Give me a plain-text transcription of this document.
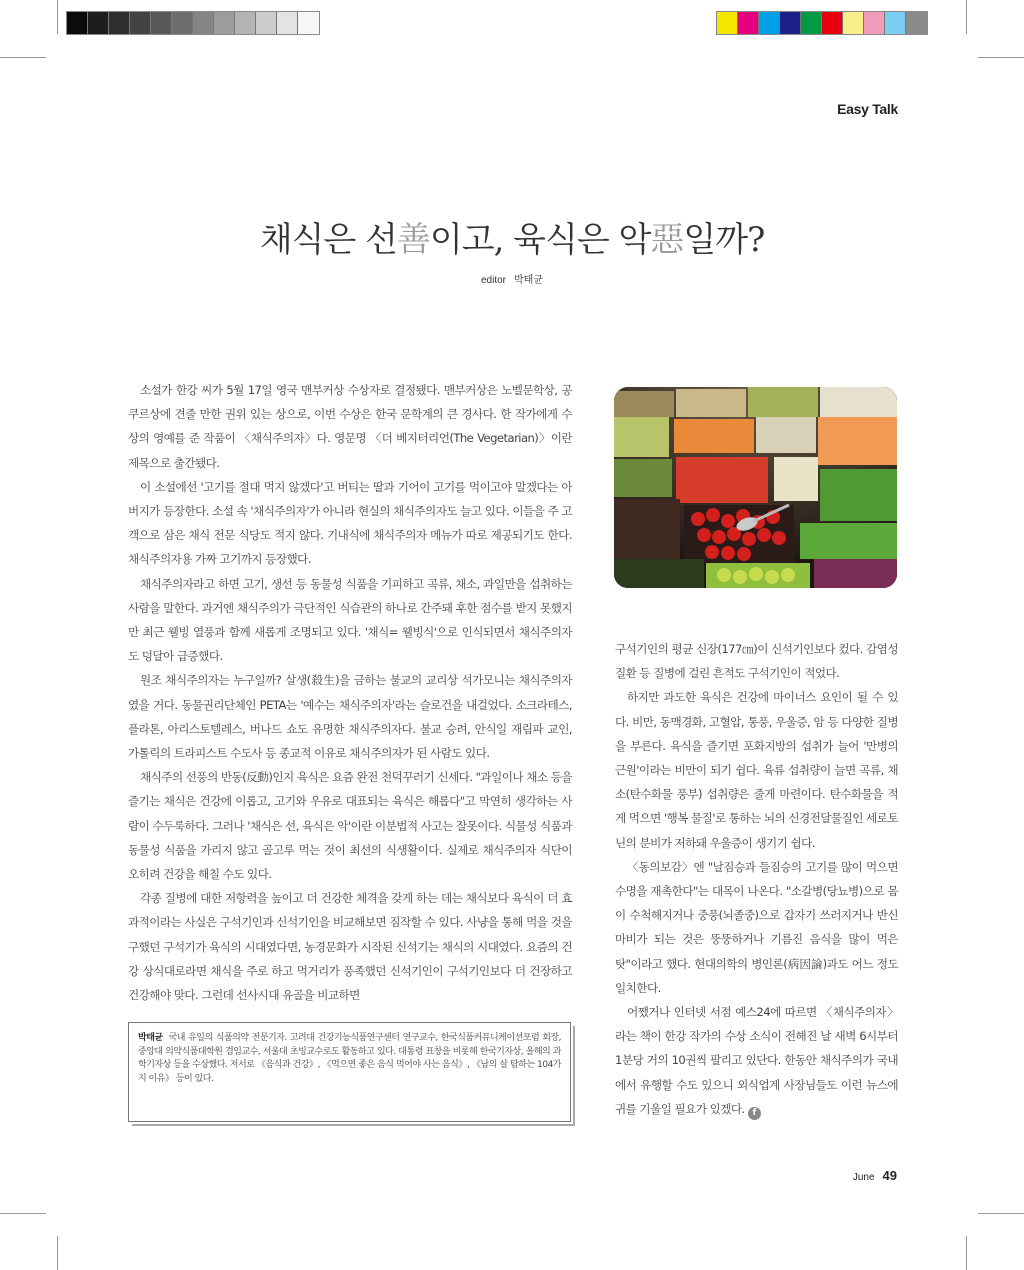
Easy Talk
채식은 선善이고, 육식은 악惡일까?
editor 박태균

소설가 한강 씨가 5월 17일 영국 맨부커상 수상자로 결정됐다. 맨부커상은 노벨문학상, 공쿠르상에 견줄 만한 권위 있는 상으로, 이번 수상은 한국 문학계의 큰 경사다. 한 작가에게 수상의 영예를 준 작품이 〈채식주의자〉다. 영문명 〈더 베지터리언(The Vegetarian)〉이란 제목으로 출간됐다.

이 소설에선 '고기를 절대 먹지 않겠다'고 버티는 딸과 기어이 고기를 먹이고야 말겠다는 아버지가 등장한다. 소설 속 '채식주의자'가 아니라 현실의 채식주의자도 늘고 있다. 이들을 주 고객으로 삼은 채식 전문 식당도 적지 않다. 기내식에 채식주의자 메뉴가 따로 제공되기도 한다. 채식주의자용 가짜 고기까지 등장했다.

채식주의자라고 하면 고기, 생선 등 동물성 식품을 기피하고 곡류, 채소, 과일만을 섭취하는 사람을 말한다. 과거엔 채식주의가 극단적인 식습관의 하나로 간주돼 후한 점수를 받지 못했지만 최근 웰빙 열풍과 함께 새롭게 조명되고 있다. '채식= 웰빙식'으로 인식되면서 채식주의자도 덩달아 급증했다.

원조 채식주의자는 누구일까? 살생(殺生)을 금하는 불교의 교리상 석가모니는 채식주의자였을 거다. 동물권리단체인 PETA는 '예수는 채식주의자'라는 슬로건을 내걸었다. 소크라테스, 플라톤, 아리스토텔레스, 버나드 쇼도 유명한 채식주의자다. 불교 승려, 안식일 재림파 교인, 가톨릭의 트라피스트 수도사 등 종교적 이유로 채식주의자가 된 사람도 있다.

채식주의 선풍의 반동(反動)인지 육식은 요즘 완전 천덕꾸러기 신세다. "과일이나 채소 등을 즐기는 채식은 건강에 이롭고, 고기와 우유로 대표되는 육식은 해롭다"고 막연히 생각하는 사람이 수두룩하다. 그러나 '채식은 선, 육식은 악'이란 이분법적 사고는 잘못이다. 식물성 식품과 동물성 식품을 가리지 않고 골고루 먹는 것이 최선의 식생활이다. 실제로 채식주의자 식단이 오히려 건강을 해칠 수도 있다.

각종 질병에 대한 저항력을 높이고 더 건강한 체격을 갖게 하는 데는 채식보다 육식이 더 효과적이라는 사실은 구석기인과 신석기인을 비교해보면 짐작할 수 있다. 사냥을 통해 먹을 것을 구했던 구석기가 육식의 시대였다면, 농경문화가 시작된 신석기는 채식의 시대였다. 요즘의 건강 상식대로라면 채식을 주로 하고 먹거리가 풍족했던 신석기인이 구석기인보다 더 건장하고 건강해야 맞다. 그런데 선사시대 유골을 비교하면

구석기인의 평균 신장(177㎝)이 신석기인보다 컸다. 감염성 질환 등 질병에 걸린 흔적도 구석기인이 적었다.

하지만 과도한 육식은 건강에 마이너스 요인이 될 수 있다. 비만, 동맥경화, 고혈압, 통풍, 우울증, 암 등 다양한 질병을 부른다. 육식을 즐기면 포화지방의 섭취가 늘어 '만병의 근원'이라는 비만이 되기 쉽다. 육류 섭취량이 늘면 곡류, 채소(탄수화물 풍부) 섭취량은 줄게 마련이다. 탄수화물을 적게 먹으면 '행복 물질'로 통하는 뇌의 신경전달물질인 세로토닌의 분비가 저하돼 우울증이 생기기 쉽다.

〈동의보감〉엔 "날짐승과 들짐승의 고기를 많이 먹으면 수명을 재촉한다"는 대목이 나온다. "소갈병(당뇨병)으로 몸이 수척해지거나 중풍(뇌졸중)으로 갑자기 쓰러지거나 반신마비가 되는 것은 뚱뚱하거나 기름진 음식을 많이 먹은 탓"이라고 했다. 현대의학의 병인론(病因論)과도 어느 정도 일치한다.

어쨌거나 인터넷 서점 예스24에 따르면 〈채식주의자〉라는 책이 한강 작가의 수상 소식이 전해진 날 새벽 6시부터 1분당 거의 10권씩 팔리고 있단다. 한동안 채식주의가 국내에서 유행할 수도 있으니 외식업계 사장님들도 이런 뉴스에 귀를 기울일 필요가 있겠다. f

박태균 국내 유일의 식품의약 전문기자. 고려대 건강기능식품연구센터 연구교수, 한국식품커뮤니케이션포럼 회장, 중앙대 의약식품대학원 겸임교수, 서울대 초빙교수로도 활동하고 있다. 대통령 표창을 비롯해 한국기자상, 올해의 과학기자상 등을 수상했다. 저서로 《음식과 건강》, 《먹으면 좋은 음식 먹어야 사는 음식》, 《남의 살 탐하는 104가지 이유》 등이 있다.
June 49
